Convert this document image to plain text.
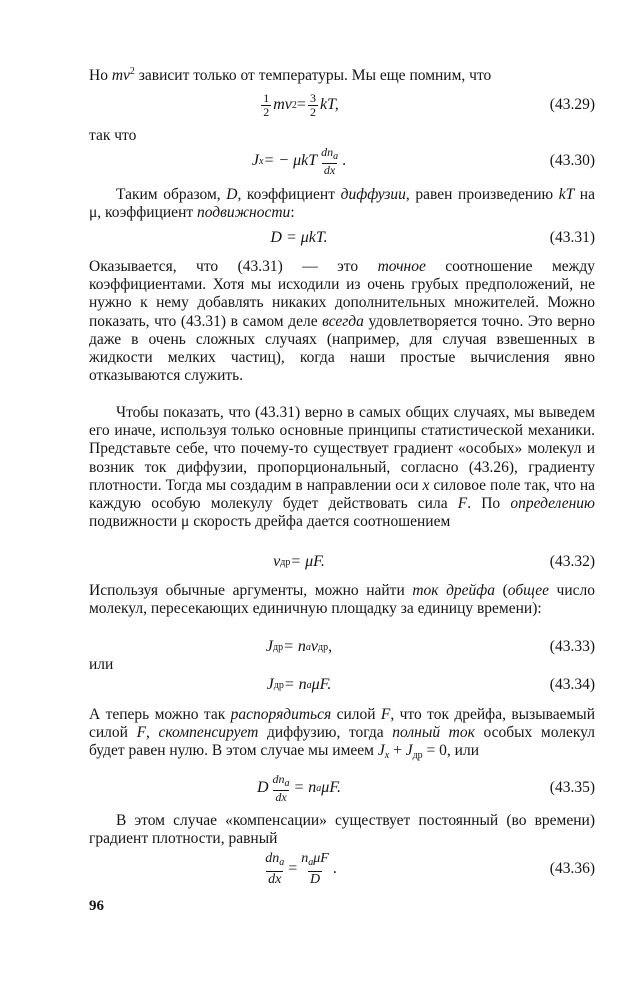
Но $mv^2$ зависит только от температуры. Мы еще помним, что

$\frac{1}{2}$ mv $2 = \frac{3}{2}$ kT,	(43.29)

так что

J x = − μkT $\frac{dn_a}{dx}$ .	(43.30)

Таким образом, D, коэффициент диффузии, равен произведению kT на μ, коэффициент подвижности:

D = μkT.	(43.31)

Оказывается, что (43.31) — это точное соотношение между коэффициентами. Хотя мы исходили из очень грубых предположений, не нужно к нему добавлять никаких дополнительных множителей. Можно показать, что (43.31) в самом деле всегда удовлетворяется точно. Это верно даже в очень сложных случаях (например, для случая взвешенных в жидкости мелких частиц), когда наши простые вычисления явно отказываются служить.

Чтобы показать, что (43.31) верно в самых общих случаях, мы выведем его иначе, используя только основные принципы статистической механики. Представьте себе, что почему-то существует градиент «особых» молекул и возник ток диффузии, пропорциональный, согласно (43.26), градиенту плотности. Тогда мы создадим в направлении оси x силовое поле так, что на каждую особую молекулу будет действовать сила F. По определению подвижности μ скорость дрейфа дается соотношением

v др = μF.	(43.32)

Используя обычные аргументы, можно найти ток дрейфа (общее число молекул, пересекающих единичную площадку за единицу времени):

J др = n a v др ,	(43.33)

или

J др = n a μF.	(43.34)

А теперь можно так распорядиться силой F, что ток дрейфа, вызываемый силой F, скомпенсирует диффузию, тогда полный ток особых молекул будет равен нулю. В этом случае мы имеем $J_x + J_{др} = 0$, или

D $\frac{dn_a}{dx} = n$ a μF.	(43.35)

В этом случае «компенсации» существует постоянный (во времени) градиент плотности, равный

$\frac{dn_a}{dx} = \frac{n_a\mu F}{D}$ .	(43.36)
96
